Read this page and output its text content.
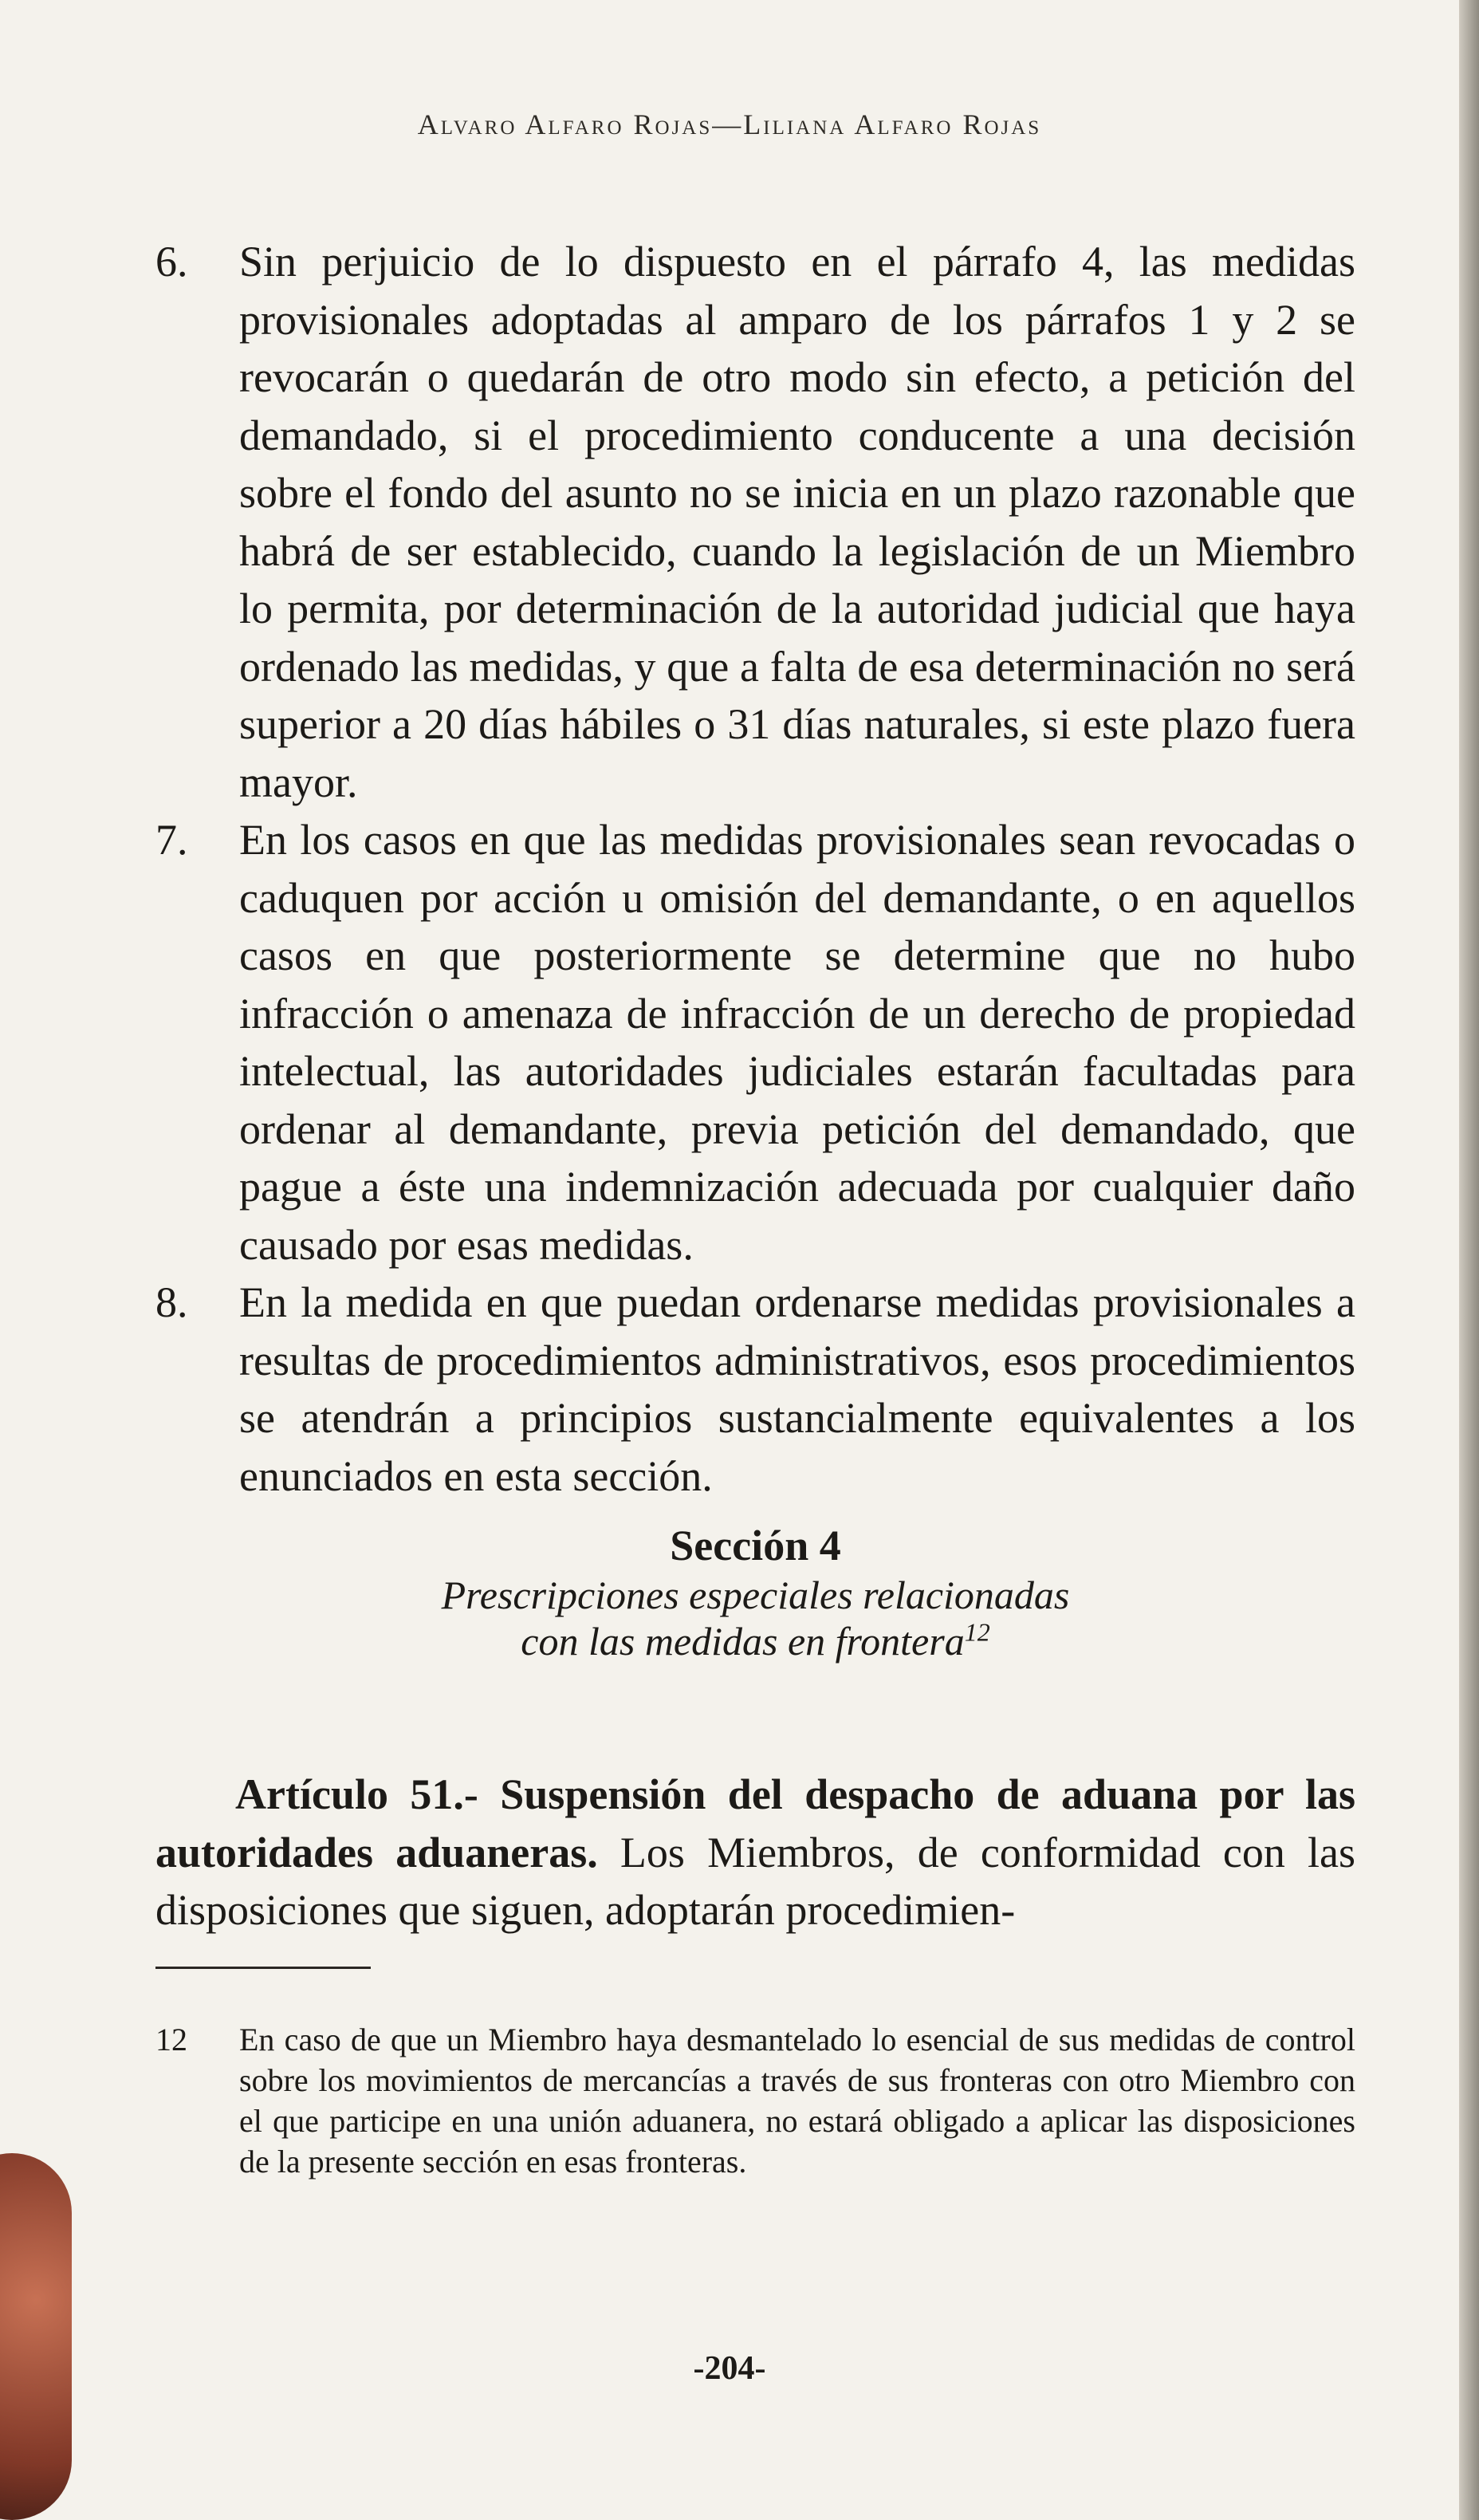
Alvaro Alfaro Rojas—Liliana Alfaro Rojas

6. Sin perjuicio de lo dispuesto en el párrafo 4, las medidas provisionales adoptadas al amparo de los párrafos 1 y 2 se revocarán o quedarán de otro modo sin efecto, a petición del demandado, si el procedimiento conducente a una decisión sobre el fondo del asunto no se inicia en un plazo razonable que habrá de ser establecido, cuando la legislación de un Miembro lo permita, por determinación de la autoridad judicial que haya ordenado las medidas, y que a falta de esa determinación no será superior a 20 días hábiles o 31 días naturales, si este plazo fuera mayor.

7. En los casos en que las medidas provisionales sean revocadas o caduquen por acción u omisión del demandante, o en aquellos casos en que posteriormente se determine que no hubo infracción o amenaza de infracción de un derecho de propiedad intelectual, las autoridades judiciales estarán facultadas para ordenar al demandante, previa petición del demandado, que pague a éste una indemnización adecuada por cualquier daño causado por esas medidas.

8. En la medida en que puedan ordenarse medidas provisionales a resultas de procedimientos administrativos, esos procedimientos se atendrán a principios sustancialmente equivalentes a los enunciados en esta sección.

Sección 4
Prescripciones especiales relacionadas
con las medidas en frontera$^{12}$

Artículo 51.- Suspensión del despacho de aduana por las autoridades aduaneras. Los Miembros, de conformidad con las disposiciones que siguen, adoptarán procedimien-

12 En caso de que un Miembro haya desmantelado lo esencial de sus medidas de control sobre los movimientos de mercancías a través de sus fronteras con otro Miembro con el que participe en una unión aduanera, no estará obligado a aplicar las disposiciones de la presente sección en esas fronteras.

-204-
